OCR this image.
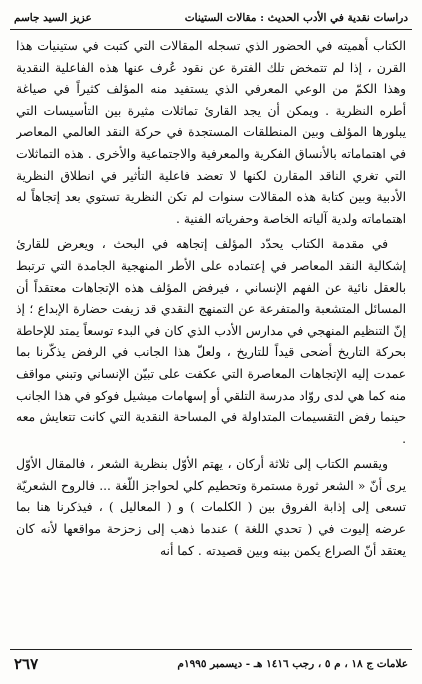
دراسات نقدية في الأدب الحديث : مقالات الستينات
عزيز السيد جاسم

الكتاب أهميته في الحضور الذي تسجله المقالات التي كتبت في ستينيات هذا القرن ، إذا لم تتمخض تلك الفترة عن نقود عُرف عنها هذه الفاعلية النقدية وهذا الكمّ من الوعي المعرفي الذي يستفيد منه المؤلف كثيراً في صياغة أطره النظرية . ويمكن أن يجد القارئ تماثلات مثيرة بين التأسيسات التي يبلورها المؤلف وبين المنطلقات المستجدة في حركة النقد العالمي المعاصر في اهتماماته بالأنساق الفكرية والمعرفية والاجتماعية والأخرى . هذه التماثلات التي تغري الناقد المقارن لكنها لا تعضد فاعلية التأثير في انطلاق النظرية الأدبية وبين كتابة هذه المقالات سنوات لم تكن النظرية تستوي بعد إتجاهاً له اهتماماته ولدية آلياته الخاصة وحفرياته الفنية .

في مقدمة الكتاب يحدّد المؤلف إتجاهه في البحث ، ويعرض للقارئ إشكالية النقد المعاصر في إعتماده على الأطر المنهجية الجامدة التي ترتبط بالعقل نائية عن الفهم الإنساني ، فيرفض المؤلف هذه الإتجاهات معتقداً أن المسائل المتشعبة والمتفرعة عن التمنهج النقدي قد زيفت حضارة الإبداع ؛ إذ إنّ التنظيم المنهجي في مدارس الأدب الذي كان في البدء توسعاً يمتد للإحاطة بحركة التاريخ أضحى قيداً للتاريخ ، ولعلّ هذا الجانب في الرفض يذكّرنا بما عمدت إليه الإتجاهات المعاصرة التي عكفت على تبيّن الإنساني وتبني مواقف منه كما هي لدى روّاد مدرسة التلقي أو إسهامات ميشيل فوكو في هذا الجانب حينما رفض التقسيمات المتداولة في المساحة النقدية التي كانت تتعايش معه .

ويقسم الكتاب إلى ثلاثة أركان ، يهتم الأوّل بنظرية الشعر ، فالمقال الأوّل يرى أنّ « الشعر ثورة مستمرة وتحطيم كلي لحواجز اللّغة ... فالروح الشعريّة تسعى إلى إذابة الفروق بين ( الكلمات ) و ( المعاليل ) ، فيذكرنا هنا بما عرضه إليوت في ( تحدي اللغة ) عندما ذهب إلى زحزحة مواقعها لأنه كان يعتقد أنّ الصراع يكمن بينه وبين قصيدته . كما أنه

علامات ج ١٨ ، م ٥ ، رجب ١٤١٦ هـ - ديسمبر ١٩٩٥م
٢٦٧
